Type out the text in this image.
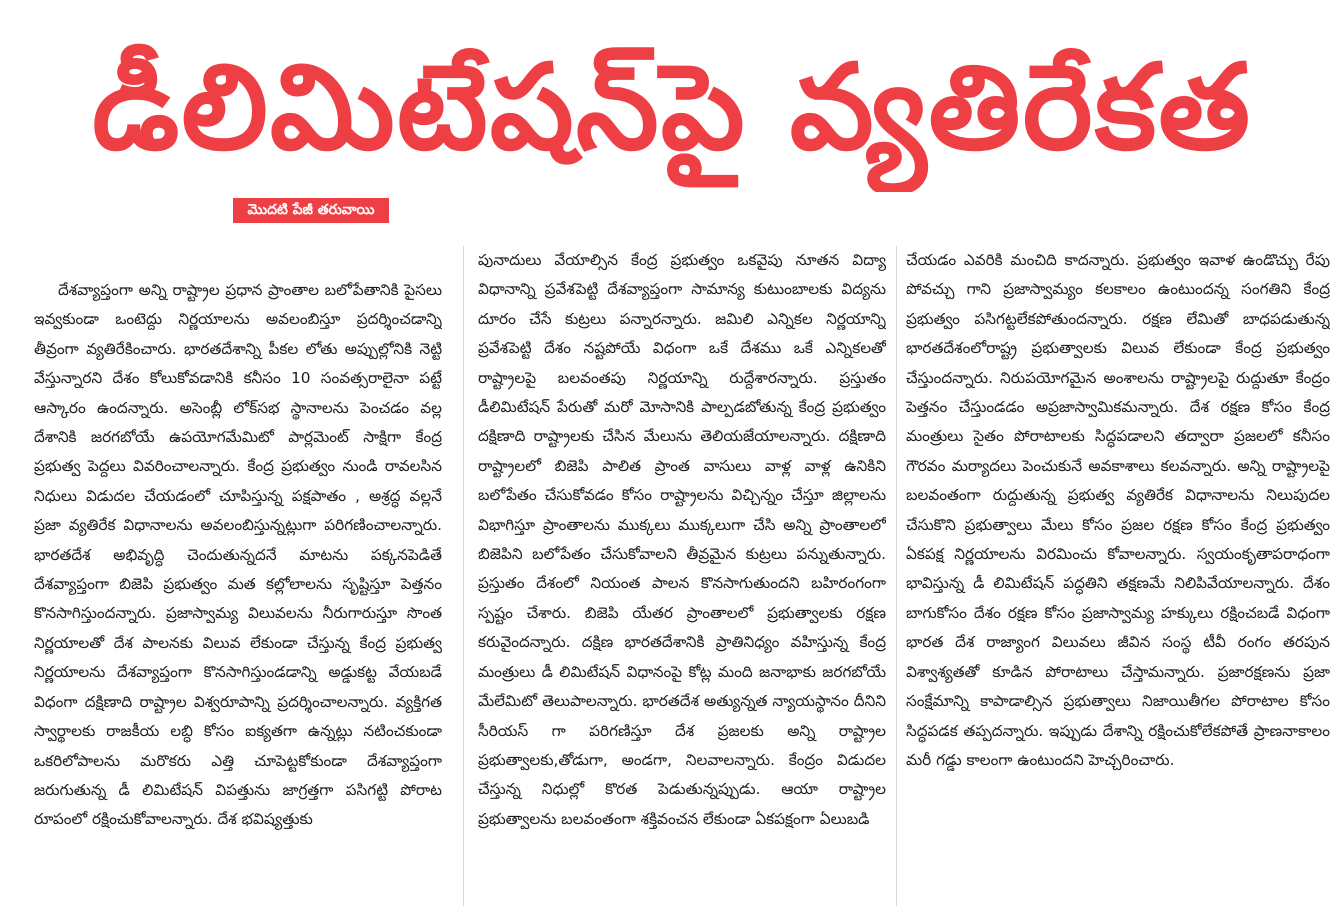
డీలిమిటేషన్‌పై వ్యతిరేకత
మొదటి పేజీ తరువాయి

దేశవ్యాప్తంగా అన్ని రాష్ట్రాల ప్రధాన ప్రాంతాల బలోపేతానికి పైసలు ఇవ్వకుండా ఒంటెద్దు నిర్ణయాలను అవలంబిస్తూ ప్రదర్శించడాన్ని తీవ్రంగా వ్యతిరేకించారు. భారతదేశాన్ని పీకల లోతు అప్పుల్లోనికి నెట్టి వేస్తున్నారని దేశం కోలుకోవడానికి కనీసం 10 సంవత్సరాలైనా పట్టే ఆస్కారం ఉందన్నారు. అసెంబ్లీ లోక్‌సభ స్థానాలను పెంచడం వల్ల దేశానికి జరగబోయే ఉపయోగమేమిటో పార్లమెంట్ సాక్షిగా కేంద్ర ప్రభుత్వ పెద్దలు వివరించాలన్నారు. కేంద్ర ప్రభుత్వం నుండి రావలసిన నిధులు విడుదల చేయడంలో చూపిస్తున్న పక్షపాతం , అశ్రద్ధ వల్లనే ప్రజా వ్యతిరేక విధానాలను అవలంబిస్తున్నట్లుగా పరిగణించాలన్నారు. భారతదేశ అభివృద్ధి చెందుతున్నదనే మాటను పక్కనపెడితే దేశవ్యాప్తంగా బిజెపి ప్రభుత్వం మత కల్లోలాలను సృష్టిస్తూ పెత్తనం కొనసాగిస్తుందన్నారు. ప్రజాస్వామ్య విలువలను నీరుగారుస్తూ సొంత నిర్ణయాలతో దేశ పాలనకు విలువ లేకుండా చేస్తున్న కేంద్ర ప్రభుత్వ నిర్ణయాలను దేశవ్యాప్తంగా కొనసాగిస్తుండడాన్ని అడ్డుకట్ట వేయబడే విధంగా దక్షిణాది రాష్ట్రాల విశ్వరూపాన్ని ప్రదర్శించాలన్నారు. వ్యక్తిగత స్వార్థాలకు రాజకీయ లబ్ధి కోసం ఐక్యతగా ఉన్నట్లు నటించకుండా ఒకరిలోపాలను మరొకరు ఎత్తి చూపెట్టకోకుండా దేశవ్యాప్తంగా జరుగుతున్న డీ లిమిటేషన్ విపత్తును జాగ్రత్తగా పసిగట్టి పోరాట రూపంలో రక్షించుకోవాలన్నారు. దేశ భవిష్యత్తుకు

పునాదులు వేయాల్సిన కేంద్ర ప్రభుత్వం ఒకవైపు నూతన విద్యా విధానాన్ని ప్రవేశపెట్టి దేశవ్యాప్తంగా సామాన్య కుటుంబాలకు విద్యను దూరం చేసే కుట్రలు పన్నారన్నారు. జమిలి ఎన్నికల నిర్ణయాన్ని ప్రవేశపెట్టి దేశం నష్టపోయే విధంగా ఒకే దేశము ఒకే ఎన్నికలతో రాష్ట్రాలపై బలవంతపు నిర్ణయాన్ని రుద్దేశారన్నారు. ప్రస్తుతం డీలిమిటేషన్ పేరుతో మరో మోసానికి పాల్పడబోతున్న కేంద్ర ప్రభుత్వం దక్షిణాది రాష్ట్రాలకు చేసిన మేలును తెలియజేయాలన్నారు. దక్షిణాది రాష్ట్రాలలో బిజెపి పాలిత ప్రాంత వాసులు వాళ్ల వాళ్ల ఉనికిని బలోపేతం చేసుకోవడం కోసం రాష్ట్రాలను విచ్చిన్నం చేస్తూ జిల్లాలను విభాగిస్తూ ప్రాంతాలను ముక్కలు ముక్కలుగా చేసి అన్ని ప్రాంతాలలో బిజెపిని బలోపేతం చేసుకోవాలని తీవ్రమైన కుట్రలు పన్నుతున్నారు. ప్రస్తుతం దేశంలో నియంత పాలన కొనసాగుతుందని బహిరంగంగా స్పష్టం చేశారు. బిజెపి యేతర ప్రాంతాలలో ప్రభుత్వాలకు రక్షణ కరువైందన్నారు. దక్షిణ భారతదేశానికి ప్రాతినిధ్యం వహిస్తున్న కేంద్ర మంత్రులు డీ లిమిటేషన్ విధానంపై కోట్ల మంది జనాభాకు జరగబోయే మేలేమిటో తెలుపాలన్నారు. భారతదేశ అత్యున్నత న్యాయస్థానం దీనిని సీరియస్ గా పరిగణిస్తూ దేశ ప్రజలకు అన్ని రాష్ట్రాల ప్రభుత్వాలకు,తోడుగా, అండగా, నిలవాలన్నారు. కేంద్రం విడుదల చేస్తున్న నిధుల్లో కొరత పెడుతున్నప్పుడు. ఆయా రాష్ట్రాల ప్రభుత్వాలను బలవంతంగా శక్తివంచన లేకుండా ఏకపక్షంగా ఏలుబడి

చేయడం ఎవరికి మంచిది కాదన్నారు. ప్రభుత్వం ఇవాళ ఉండొచ్చు రేపు పోవచ్చు గాని ప్రజాస్వామ్యం కలకాలం ఉంటుందన్న సంగతిని కేంద్ర ప్రభుత్వం పసిగట్టలేకపోతుందన్నారు. రక్షణ లేమితో బాధపడుతున్న భారతదేశంలోరాష్ట్ర ప్రభుత్వాలకు విలువ లేకుండా కేంద్ర ప్రభుత్వం చేస్తుందన్నారు. నిరుపయోగమైన అంశాలను రాష్ట్రాలపై రుద్దుతూ కేంద్రం పెత్తనం చేస్తుండడం అప్రజాస్వామికమన్నారు. దేశ రక్షణ కోసం కేంద్ర మంత్రులు సైతం పోరాటాలకు సిద్ధపడాలని తద్వారా ప్రజలలో కనీసం గౌరవం మర్యాదలు పెంచుకునే అవకాశాలు కలవన్నారు. అన్ని రాష్ట్రాలపై బలవంతంగా రుద్దుతున్న ప్రభుత్వ వ్యతిరేక విధానాలను నిలుపుదల చేసుకొని ప్రభుత్వాలు మేలు కోసం ప్రజల రక్షణ కోసం కేంద్ర ప్రభుత్వం ఏకపక్ష నిర్ణయాలను విరమించు కోవాలన్నారు. స్వయంకృతాపరాధంగా భావిస్తున్న డీ లిమిటేషన్ పద్ధతిని తక్షణమే నిలిపివేయాలన్నారు. దేశం బాగుకోసం దేశం రక్షణ కోసం ప్రజాస్వామ్య హక్కులు రక్షించబడే విధంగా భారత దేశ రాజ్యాంగ విలువలు జీవిన సంస్థ టీవీ రంగం తరపున విశ్వాశ్యతతో కూడిన పోరాటాలు చేస్తామన్నారు. ప్రజారక్షణను ప్రజా సంక్షేమాన్ని కాపాడాల్సిన ప్రభుత్వాలు నిజాయితీగల పోరాటాల కోసం సిద్ధపడక తప్పదన్నారు. ఇప్పుడు దేశాన్ని రక్షించుకోలేకపోతే ప్రాణనాకాలం మరీ గడ్డు కాలంగా ఉంటుందని హెచ్చరించారు.
